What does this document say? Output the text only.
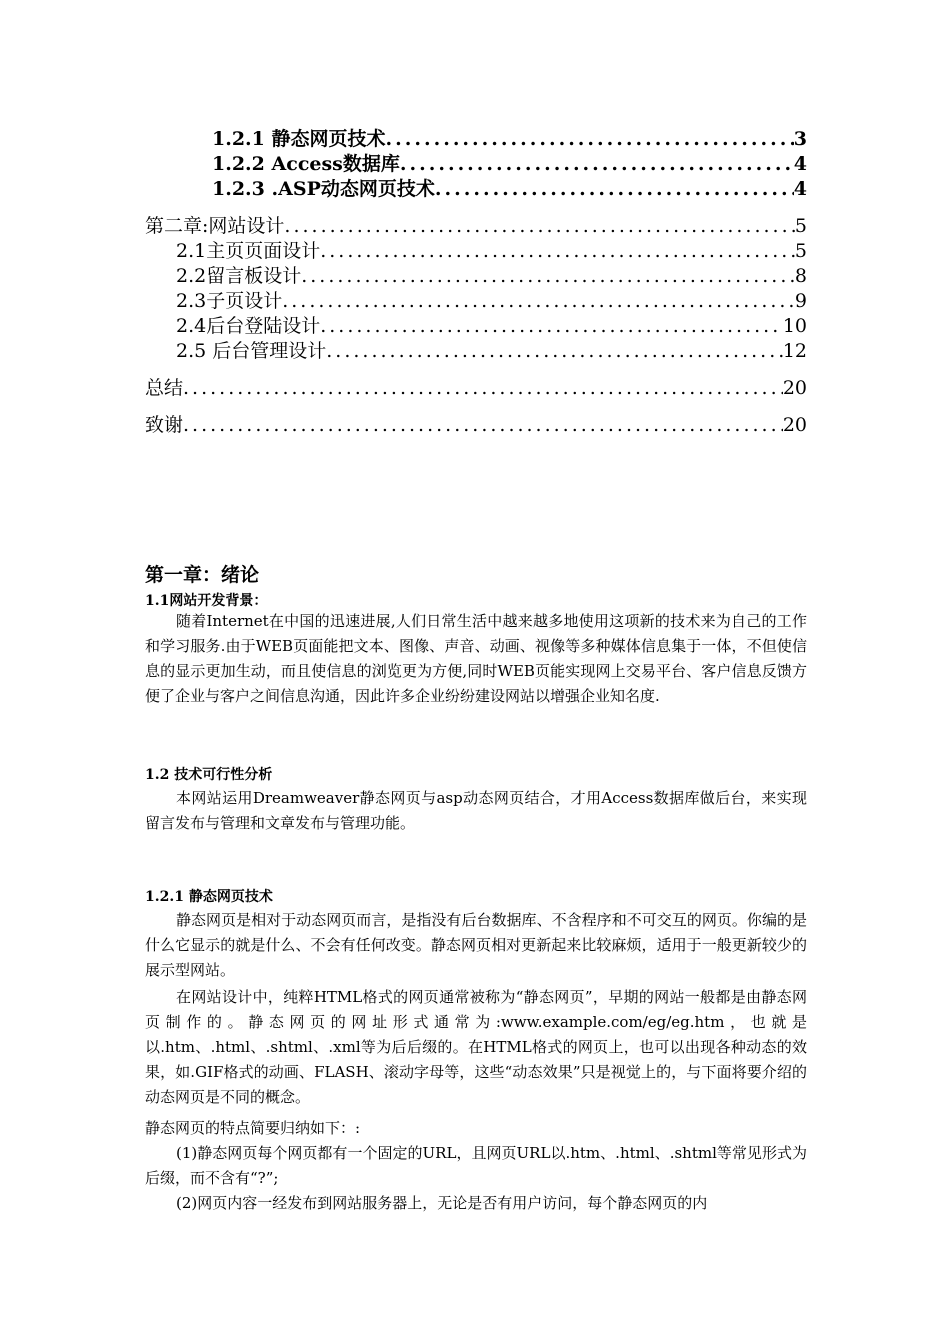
1.2.1 静态网页技术 .....	3
1.2.2 Access数据库 .....	4
1.2.3 .ASP动态网页技术 .....	4
第二章:网站设计 .....	5
2.1主页页面设计 .....	5
2.2留言板设计 .....	8
2.3子页设计 .....	9
2.4后台登陆设计 .....	10
2.5 后台管理设计 .....	12
总结 .....	20
致谢 .....	20
第一章：绪论
1.1网站开发背景：
随着Internet在中国的迅速进展,人们日常生活中越来越多地使用这项新的技术来为自己的工作和学习服务.由于WEB页面能把文本、图像、声音、动画、视像等多种媒体信息集于一体，不但使信息的显示更加生动，而且使信息的浏览更为方便,同时WEB页能实现网上交易平台、客户信息反馈方便了企业与客户之间信息沟通，因此许多企业纷纷建设网站以增强企业知名度.
1.2 技术可行性分析
本网站运用Dreamweaver静态网页与asp动态网页结合，才用Access数据库做后台，来实现留言发布与管理和文章发布与管理功能。
1.2.1 静态网页技术
静态网页是相对于动态网页而言，是指没有后台数据库、不含程序和不可交互的网页。你编的是什么它显示的就是什么、不会有任何改变。静态网页相对更新起来比较麻烦，适用于一般更新较少的展示型网站。
在网站设计中，纯粹HTML格式的网页通常被称为“静态网页”，早期的网站一般都是由静态网页制作的。静态网页的网址形式通常为:www.example.com/eg/eg.htm，也就是以.htm、.html、.shtml、.xml等为后后缀的。在HTML格式的网页上，也可以出现各种动态的效果，如.GIF格式的动画、FLASH、滚动字母等，这些“动态效果”只是视觉上的，与下面将要介绍的动态网页是不同的概念。
静态网页的特点简要归纳如下：:
(1)静态网页每个网页都有一个固定的URL，且网页URL以.htm、.html、.shtml等常见形式为后缀，而不含有“?”;
(2)网页内容一经发布到网站服务器上，无论是否有用户访问，每个静态网页的内
